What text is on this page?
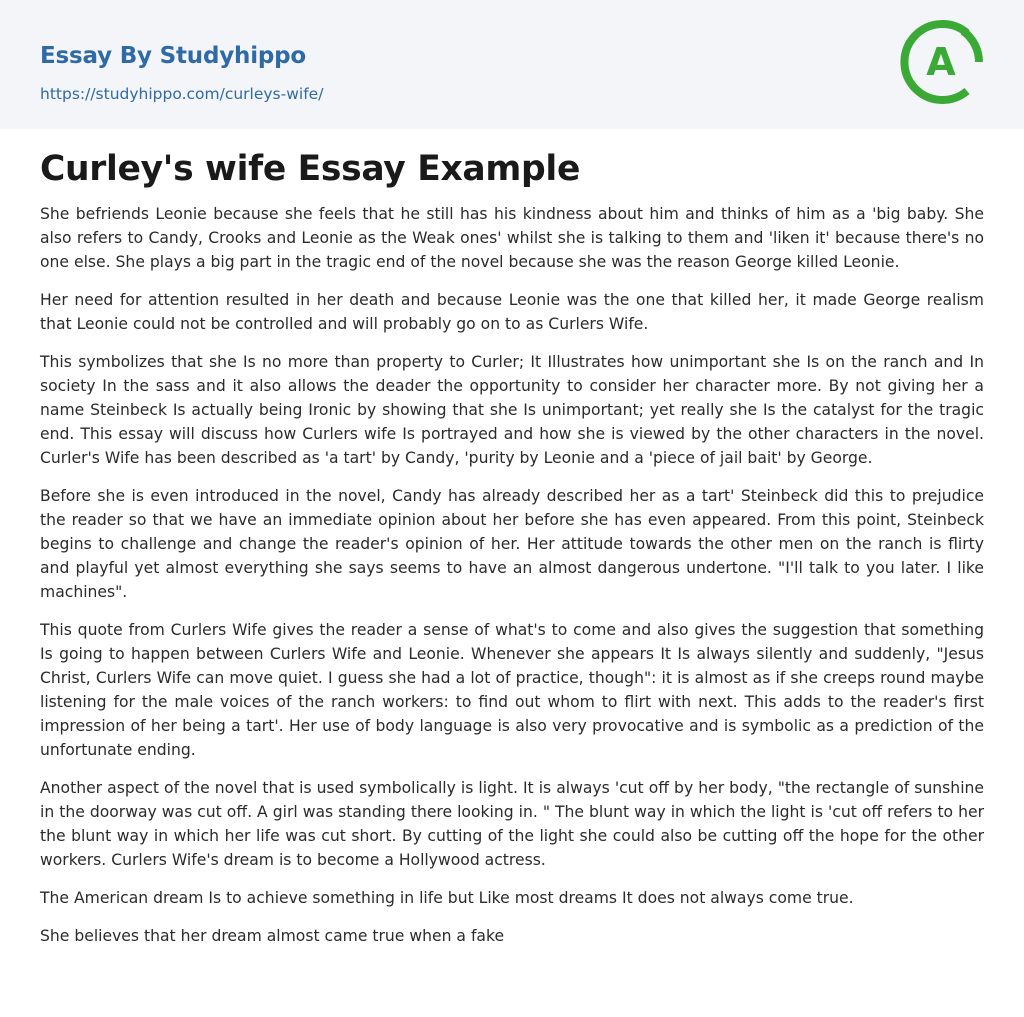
Essay By Studyhippo
https://studyhippo.com/curleys-wife/
A
Curley's wife Essay Example

She befriends Leonie because she feels that he still has his kindness about him and thinks of him as a 'big baby. She also refers to Candy, Crooks and Leonie as the Weak ones' whilst she is talking to them and 'liken it' because there's no one else. She plays a big part in the tragic end of the novel because she was the reason George killed Leonie.

Her need for attention resulted in her death and because Leonie was the one that killed her, it made George realism that Leonie could not be controlled and will probably go on to as Curlers Wife.

This symbolizes that she Is no more than property to Curler; It Illustrates how unimportant she Is on the ranch and In society In the sass and it also allows the deader the opportunity to consider her character more. By not giving her a name Steinbeck Is actually being Ironic by showing that she Is unimportant; yet really she Is the catalyst for the tragic end. This essay will discuss how Curlers wife Is portrayed and how she is viewed by the other characters in the novel. Curler's Wife has been described as 'a tart' by Candy, 'purity by Leonie and a 'piece of jail bait' by George.

Before she is even introduced in the novel, Candy has already described her as a tart' Steinbeck did this to prejudice the reader so that we have an immediate opinion about her before she has even appeared. From this point, Steinbeck begins to challenge and change the reader's opinion of her. Her attitude towards the other men on the ranch is flirty and playful yet almost everything she says seems to have an almost dangerous undertone. "I'll talk to you later. I like machines".

This quote from Curlers Wife gives the reader a sense of what's to come and also gives the suggestion that something Is going to happen between Curlers Wife and Leonie. Whenever she appears It Is always silently and suddenly, "Jesus Christ, Curlers Wife can move quiet. I guess she had a lot of practice, though": it is almost as if she creeps round maybe listening for the male voices of the ranch workers: to find out whom to flirt with next. This adds to the reader's first impression of her being a tart'. Her use of body language is also very provocative and is symbolic as a prediction of the unfortunate ending.

Another aspect of the novel that is used symbolically is light. It is always 'cut off by her body, "the rectangle of sunshine in the doorway was cut off. A girl was standing there looking in. " The blunt way in which the light is 'cut off refers to her the blunt way in which her life was cut short. By cutting of the light she could also be cutting off the hope for the other workers. Curlers Wife's dream is to become a Hollywood actress.

The American dream Is to achieve something in life but Like most dreams It does not always come true.

She believes that her dream almost came true when a fake
